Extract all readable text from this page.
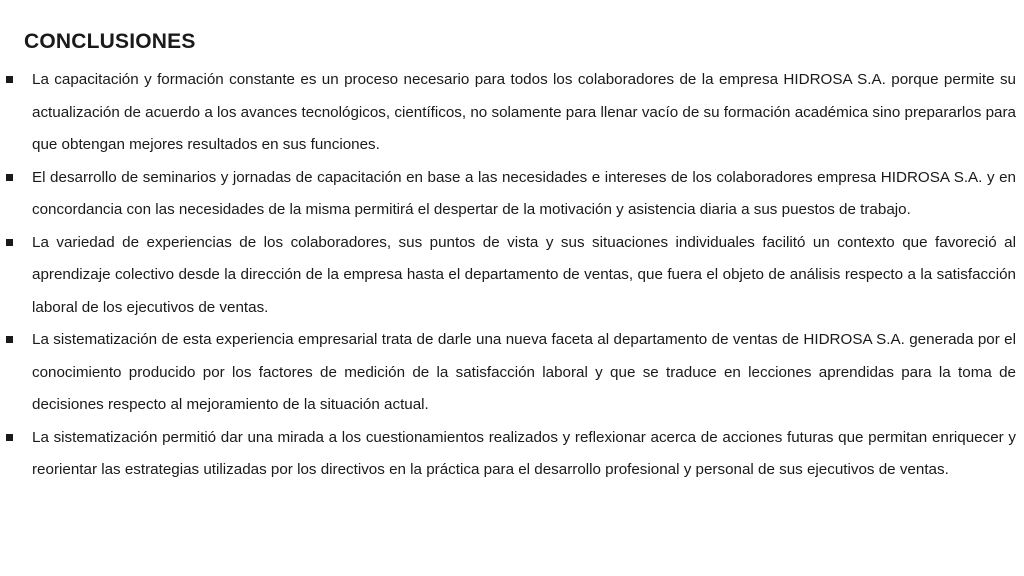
CONCLUSIONES
La capacitación y formación constante es un proceso necesario para todos los colaboradores de la empresa HIDROSA S.A. porque permite su actualización de acuerdo a los avances tecnológicos, científicos, no solamente para llenar vacío de su formación académica sino prepararlos para que obtengan mejores resultados en sus funciones.
El desarrollo de seminarios y jornadas de capacitación en base a las necesidades e intereses de los colaboradores empresa HIDROSA S.A. y en concordancia con las necesidades de la misma permitirá el despertar de la motivación y asistencia diaria a sus puestos de trabajo.
La variedad de experiencias de los colaboradores, sus puntos de vista y sus situaciones individuales facilitó un contexto que favoreció al aprendizaje colectivo desde la dirección de la empresa hasta el departamento de ventas, que fuera el objeto de análisis respecto a la satisfacción laboral de los ejecutivos de ventas.
La sistematización de esta experiencia empresarial trata de darle una nueva faceta al departamento de ventas de HIDROSA S.A. generada por el conocimiento producido por los factores de medición de la satisfacción laboral y que se traduce en lecciones aprendidas para la toma de decisiones respecto al mejoramiento de la situación actual.
La sistematización permitió dar una mirada a los cuestionamientos realizados y reflexionar acerca de acciones futuras que permitan enriquecer y reorientar las estrategias utilizadas por los directivos en la práctica para el desarrollo profesional y personal de sus ejecutivos de ventas.
